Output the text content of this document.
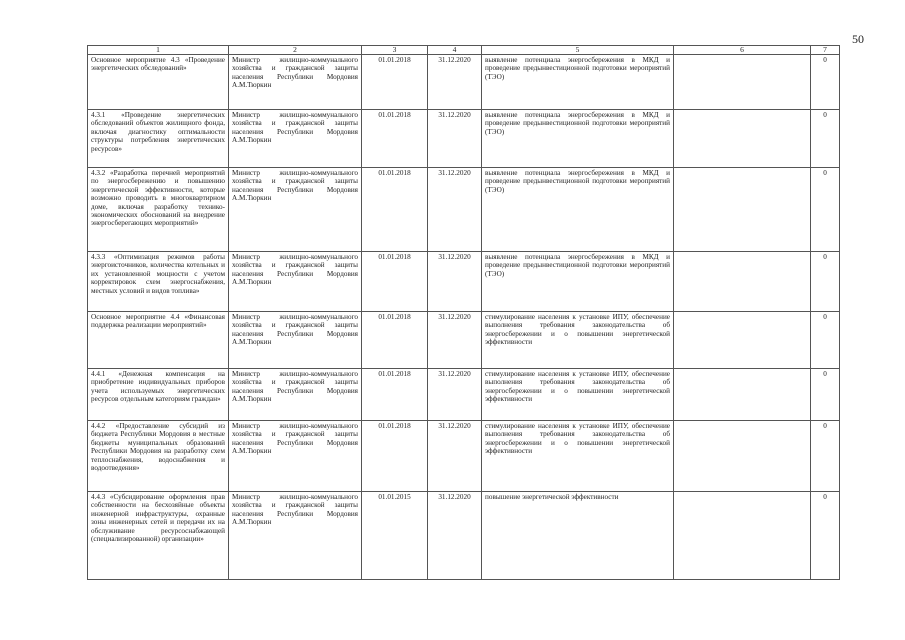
50
1	2	3	4	5	6	7
Основное мероприятие 4.3 «Проведение энергетических обследований»	Министр жилищно-коммунального хозяйства и гражданской защиты населения Республики Мордовия А.М.Тюркин	01.01.2018	31.12.2020	выявление потенциала энергосбережения в МКД и проведение предынвестиционной подготовки мероприятий (ТЭО)		0
4.3.1 «Проведение энергетических обследований объектов жилищного фонда, включая диагностику оптимальности структуры потребления энергетических ресурсов»	Министр жилищно-коммунального хозяйства и гражданской защиты населения Республики Мордовия А.М.Тюркин	01.01.2018	31.12.2020	выявление потенциала энергосбережения в МКД и проведение предынвестиционной подготовки мероприятий (ТЭО)		0
4.3.2 «Разработка перечней мероприятий по энергосбережению и повышению энергетической эффективности, которые возможно проводить в многоквартирном доме, включая разработку технико-экономических обоснований на внедрение энергосберегающих мероприятий»	Министр жилищно-коммунального хозяйства и гражданской защиты населения Республики Мордовия А.М.Тюркин	01.01.2018	31.12.2020	выявление потенциала энергосбережения в МКД и проведение предынвестиционной подготовки мероприятий (ТЭО)		0
4.3.3 «Оптимизация режимов работы энергоисточников, количества котельных и их установленной мощности с учетом корректировок схем энергоснабжения, местных условий и видов топлива»	Министр жилищно-коммунального хозяйства и гражданской защиты населения Республики Мордовия А.М.Тюркин	01.01.2018	31.12.2020	выявление потенциала энергосбережения в МКД и проведение предынвестиционной подготовки мероприятий (ТЭО)		0
Основное мероприятие 4.4 «Финансовая поддержка реализации мероприятий»	Министр жилищно-коммунального хозяйства и гражданской защиты населения Республики Мордовия А.М.Тюркин	01.01.2018	31.12.2020	стимулирование населения к установке ИПУ, обеспечение выполнения требования законодательства об энергосбережении и о повышении энергетической эффективности		0
4.4.1 «Денежная компенсация на приобретение индивидуальных приборов учета используемых энергетических ресурсов отдельным категориям граждан»	Министр жилищно-коммунального хозяйства и гражданской защиты населения Республики Мордовия А.М.Тюркин	01.01.2018	31.12.2020	стимулирование населения к установке ИПУ, обеспечение выполнения требования законодательства об энергосбережении и о повышении энергетической эффективности		0
4.4.2 «Предоставление субсидий из бюджета Республики Мордовия в местные бюджеты муниципальных образований Республики Мордовия на разработку схем теплоснабжения, водоснабжения и водоотведения»	Министр жилищно-коммунального хозяйства и гражданской защиты населения Республики Мордовия А.М.Тюркин	01.01.2018	31.12.2020	стимулирование населения к установке ИПУ, обеспечение выполнения требования законодательства об энергосбережении и о повышении энергетической эффективности		0
4.4.3 «Субсидирование оформления прав собственности на бесхозяйные объекты инженерной инфраструктуры, охранные зоны инженерных сетей и передачи их на обслуживание ресурсоснабжающей (специализированной) организации»	Министр жилищно-коммунального хозяйства и гражданской защиты населения Республики Мордовия А.М.Тюркин	01.01.2015	31.12.2020	повышение энергетической эффективности		0
